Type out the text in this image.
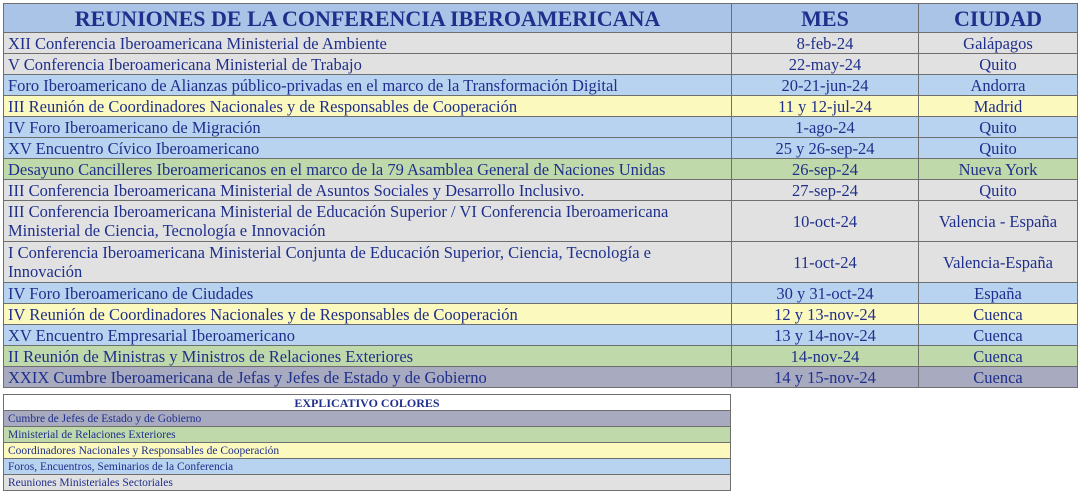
REUNIONES DE LA CONFERENCIA IBEROAMERICANA	MES	CIUDAD
XII Conferencia Iberoamericana Ministerial de Ambiente	8-feb-24	Galápagos
V Conferencia Iberoamericana Ministerial de Trabajo	22-may-24	Quito
Foro Iberoamericano de Alianzas público-privadas en el marco de la Transformación Digital	20-21-jun-24	Andorra
III Reunión de Coordinadores Nacionales y de Responsables de Cooperación	11 y 12-jul-24	Madrid
IV Foro Iberoamericano de Migración	1-ago-24	Quito
XV Encuentro Cívico Iberoamericano	25 y 26-sep-24	Quito
Desayuno Cancilleres Iberoamericanos en el marco de la 79 Asamblea General de Naciones Unidas	26-sep-24	Nueva York
III Conferencia Iberoamericana Ministerial de Asuntos Sociales y Desarrollo Inclusivo.	27-sep-24	Quito
III Conferencia Iberoamericana Ministerial de Educación Superior / VI Conferencia Iberoamericana Ministerial de Ciencia, Tecnología e Innovación	10-oct-24	Valencia - España
I Conferencia Iberoamericana Ministerial Conjunta de Educación Superior, Ciencia, Tecnología e Innovación	11-oct-24	Valencia-España
IV Foro Iberoamericano de Ciudades	30 y 31-oct-24	España
IV Reunión de Coordinadores Nacionales y de Responsables de Cooperación	12 y 13-nov-24	Cuenca
XV Encuentro Empresarial Iberoamericano	13 y 14-nov-24	Cuenca
II Reunión de Ministras y Ministros de Relaciones Exteriores	14-nov-24	Cuenca
XXIX Cumbre Iberoamericana de Jefas y Jefes de Estado y de Gobierno	14 y 15-nov-24	Cuenca
EXPLICATIVO COLORES
Cumbre de Jefes de Estado y de Gobierno
Ministerial de Relaciones Exteriores
Coordinadores Nacionales y Responsables de Cooperación
Foros, Encuentros, Seminarios de la Conferencia
Reuniones Ministeriales Sectoriales
